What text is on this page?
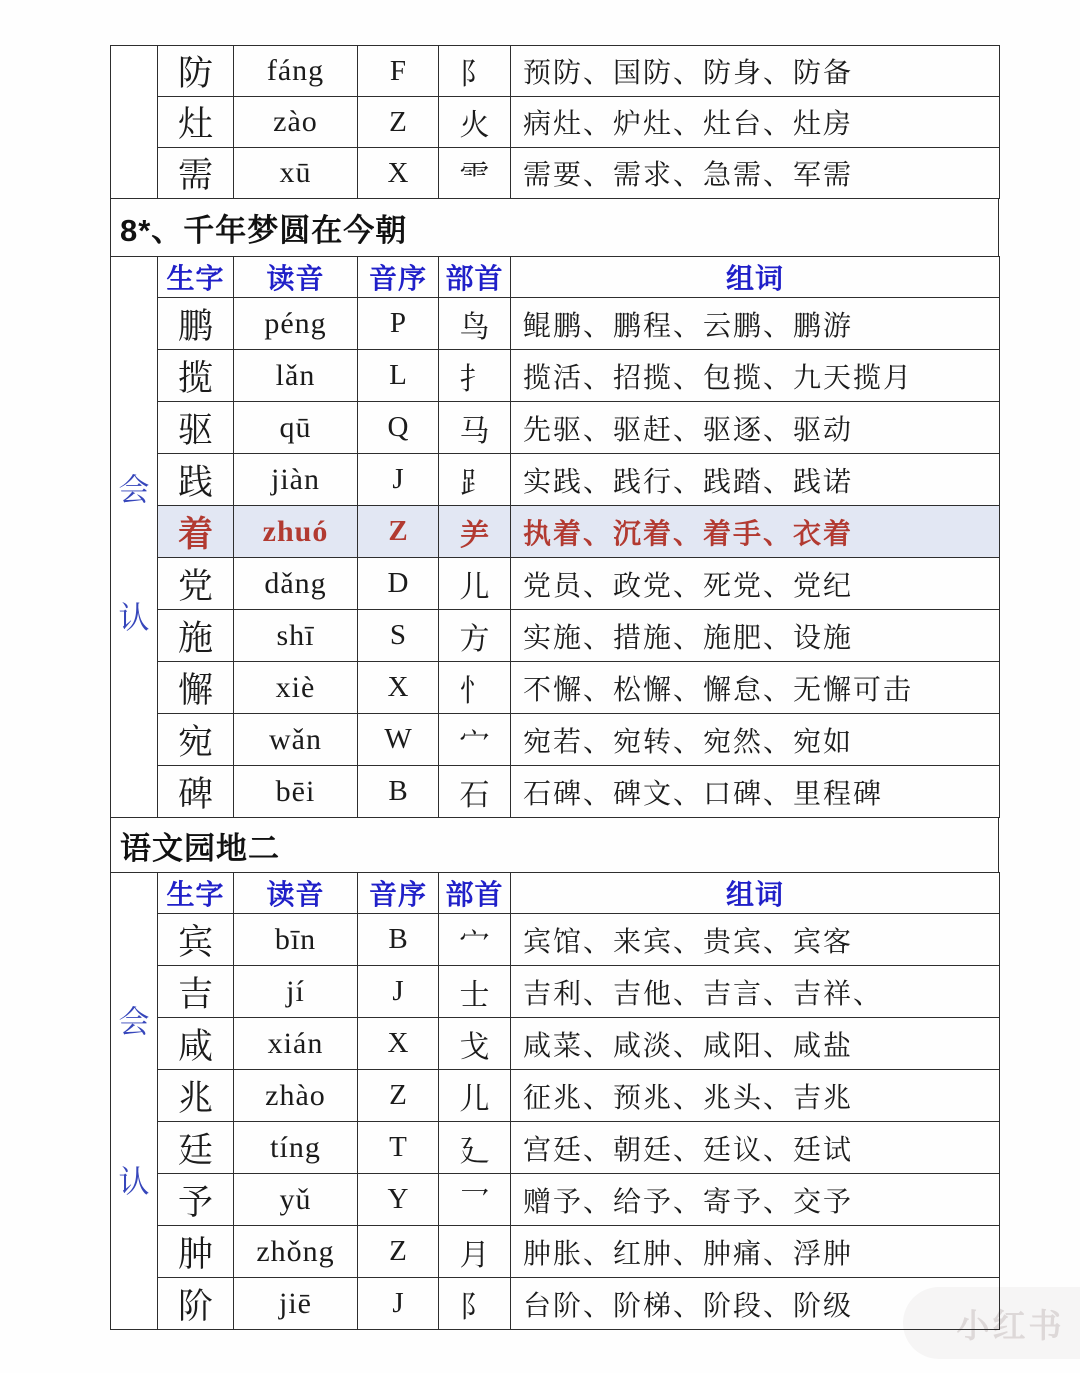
小红书
	防	fáng	F	阝	预防、国防、防身、防备
	灶	zào	Z	火	病灶、炉灶、灶台、灶房
	需	xū	X	⻗	需要、需求、急需、军需
8*、千年梦圆在今朝
会
认	生字	读音	音序	部首	组词
	鹏	péng	P	鸟	鲲鹏、鹏程、云鹏、鹏游
	揽	lǎn	L	扌	揽活、招揽、包揽、九天揽月
	驱	qū	Q	马	先驱、驱赶、驱逐、驱动
	践	jiàn	J	⻊	实践、践行、践踏、践诺
	着	zhuó	Z	⺶	执着、沉着、着手、衣着
	党	dǎng	D	儿	党员、政党、死党、党纪
	施	shī	S	方	实施、措施、施肥、设施
	懈	xiè	X	忄	不懈、松懈、懈怠、无懈可击
	宛	wǎn	W	宀	宛若、宛转、宛然、宛如
	碑	bēi	B	石	石碑、碑文、口碑、里程碑
语文园地二
会
认	生字	读音	音序	部首	组词
	宾	bīn	B	宀	宾馆、来宾、贵宾、宾客
	吉	jí	J	士	吉利、吉他、吉言、吉祥、
	咸	xián	X	戈	咸菜、咸淡、咸阳、咸盐
	兆	zhào	Z	儿	征兆、预兆、兆头、吉兆
	廷	tíng	T	廴	宫廷、朝廷、廷议、廷试
	予	yǔ	Y	乛	赠予、给予、寄予、交予
	肿	zhǒng	Z	月	肿胀、红肿、肿痛、浮肿
	阶	jiē	J	阝	台阶、阶梯、阶段、阶级
